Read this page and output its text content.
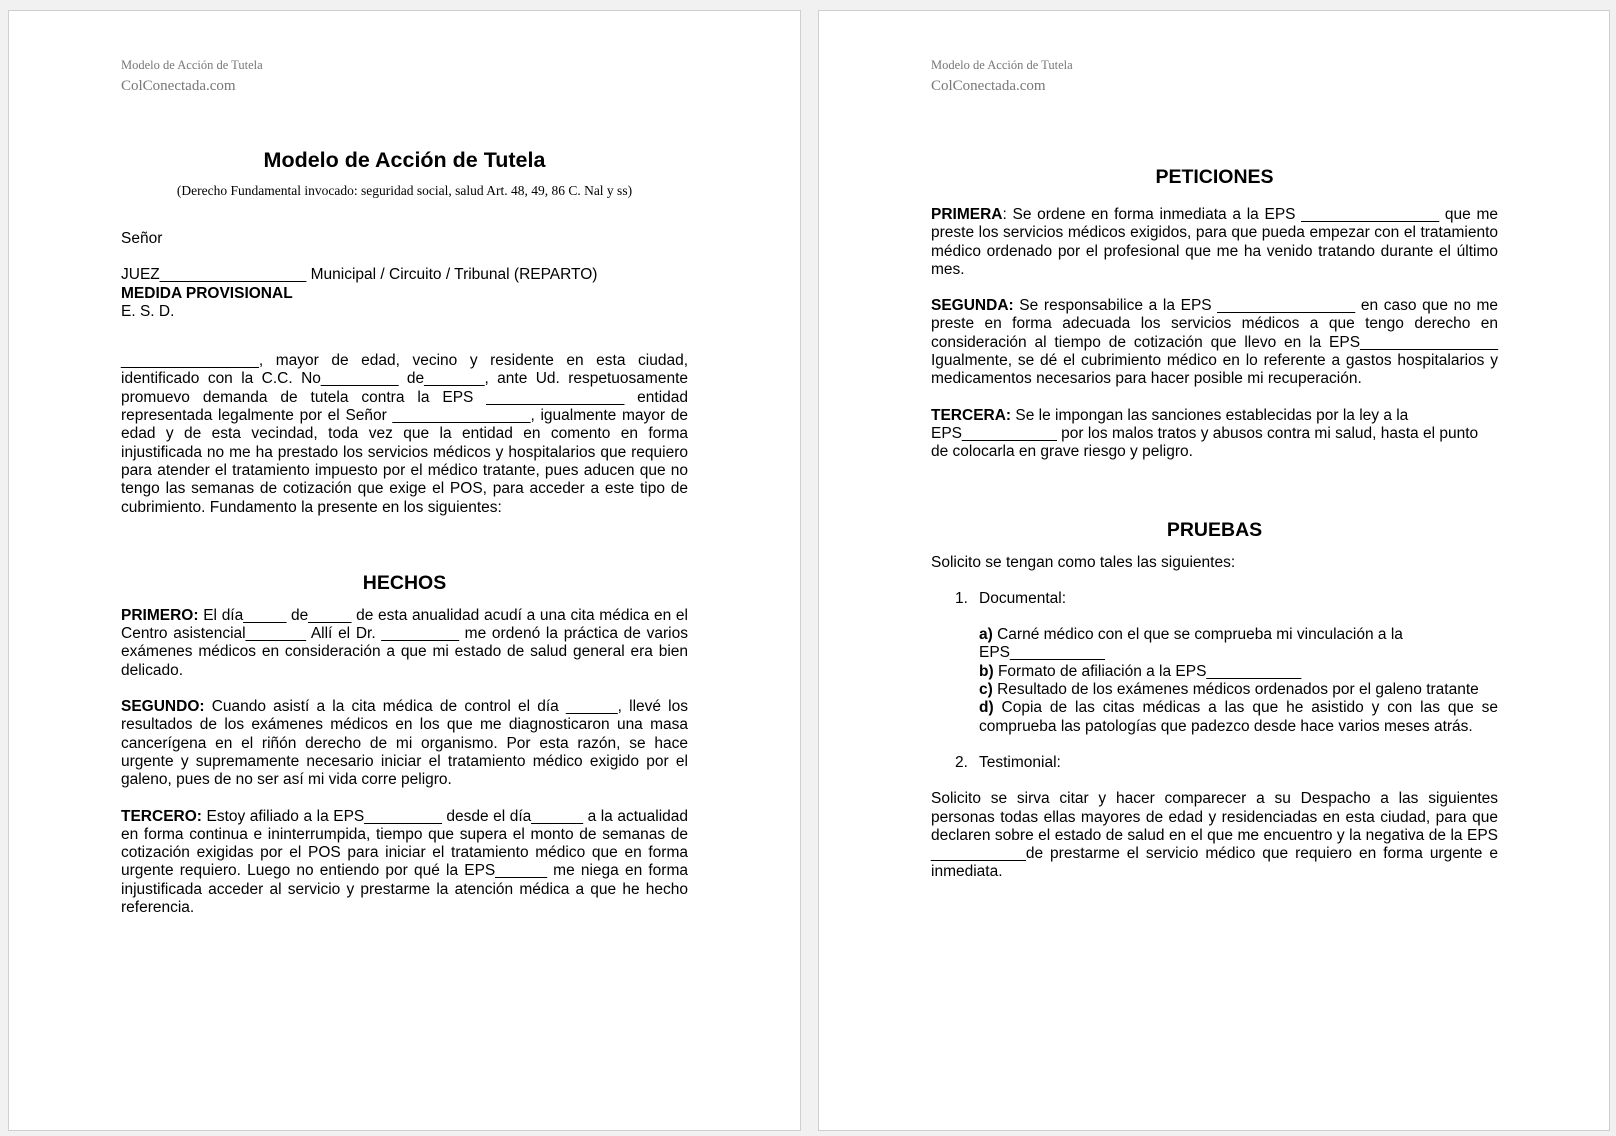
Modelo de Acción de Tutela

ColConectada.com

Modelo de Acción de Tutela

(Derecho Fundamental invocado: seguridad social, salud Art. 48, 49, 86 C. Nal y ss)

Señor

JUEZ_________________ Municipal / Circuito / Tribunal (REPARTO)

MEDIDA PROVISIONAL

E. S. D.

________________, mayor de edad, vecino y residente en esta ciudad, identificado con la C.C. No_________ de_______, ante Ud. respetuosamente promuevo demanda de tutela contra la EPS ________________ entidad representada legalmente por el Señor ________________, igualmente mayor de edad y de esta vecindad, toda vez que la entidad en comento en forma injustificada no me ha prestado los servicios médicos y hospitalarios que requiero para atender el tratamiento impuesto por el médico tratante, pues aducen que no tengo las semanas de cotización que exige el POS, para acceder a este tipo de cubrimiento. Fundamento la presente en los siguientes:

HECHOS

PRIMERO: El día_____ de_____ de esta anualidad acudí a una cita médica en el Centro asistencial_______ Allí el Dr. _________ me ordenó la práctica de varios exámenes médicos en consideración a que mi estado de salud general era bien delicado.

SEGUNDO: Cuando asistí a la cita médica de control el día ______, llevé los resultados de los exámenes médicos en los que me diagnosticaron una masa cancerígena en el riñón derecho de mi organismo. Por esta razón, se hace urgente y supremamente necesario iniciar el tratamiento médico exigido por el galeno, pues de no ser así mi vida corre peligro.

TERCERO: Estoy afiliado a la EPS_________ desde el día______ a la actualidad en forma continua e ininterrumpida, tiempo que supera el monto de semanas de cotización exigidas por el POS para iniciar el tratamiento médico que en forma urgente requiero. Luego no entiendo por qué la EPS______ me niega en forma injustificada acceder al servicio y prestarme la atención médica a que he hecho referencia.

Modelo de Acción de Tutela

ColConectada.com

PETICIONES

PRIMERA: Se ordene en forma inmediata a la EPS ________________ que me preste los servicios médicos exigidos, para que pueda empezar con el tratamiento médico ordenado por el profesional que me ha venido tratando durante el último mes.

SEGUNDA: Se responsabilice a la EPS ________________ en caso que no me preste en forma adecuada los servicios médicos a que tengo derecho en consideración al tiempo de cotización que llevo en la EPS________________ Igualmente, se dé el cubrimiento médico en lo referente a gastos hospitalarios y medicamentos necesarios para hacer posible mi recuperación.

TERCERA: Se le impongan las sanciones establecidas por la ley a la EPS___________ por los malos tratos y abusos contra mi salud, hasta el punto de colocarla en grave riesgo y peligro.

PRUEBAS

Solicito se tengan como tales las siguientes:

1. Documental:

a) Carné médico con el que se comprueba mi vinculación a la EPS___________

b) Formato de afiliación a la EPS___________

c) Resultado de los exámenes médicos ordenados por el galeno tratante

d) Copia de las citas médicas a las que he asistido y con las que se comprueba las patologías que padezco desde hace varios meses atrás.

2. Testimonial:

Solicito se sirva citar y hacer comparecer a su Despacho a las siguientes personas todas ellas mayores de edad y residenciadas en esta ciudad, para que declaren sobre el estado de salud en el que me encuentro y la negativa de la EPS ___________de prestarme el servicio médico que requiero en forma urgente e inmediata.
